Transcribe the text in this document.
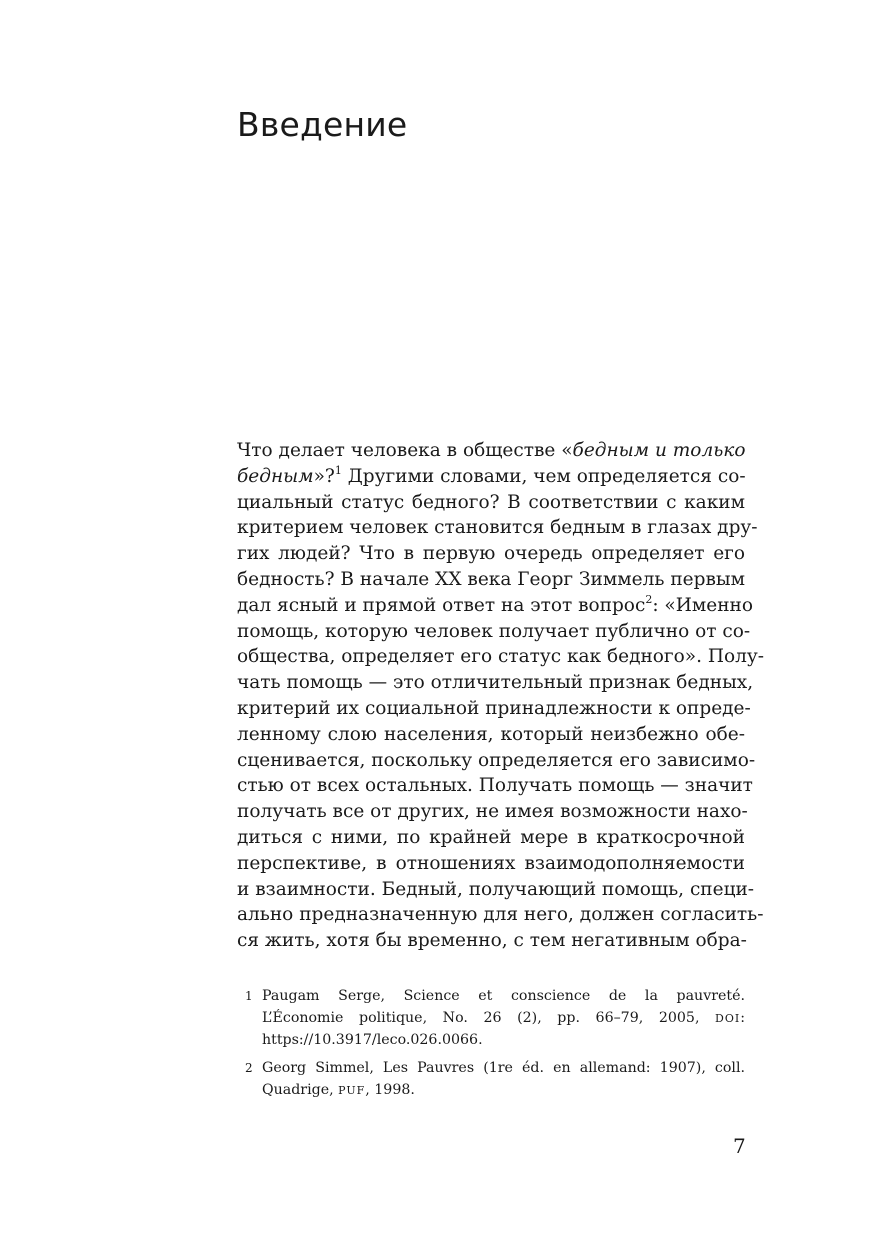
Введение
Что делает человека в обществе «бедным и только
бедным»?$^1$ Другими словами, чем определяется со-
циальный статус бедного? В соответствии с каким
критерием человек становится бедным в глазах дру-
гих людей? Что в первую очередь определяет его
бедность? В начале XX века Георг Зиммель первым
дал ясный и прямой ответ на этот вопрос$^2$: «Именно
помощь, которую человек получает публично от со-
общества, определяет его статус как бедного». Полу-
чать помощь — это отличительный признак бедных,
критерий их социальной принадлежности к опреде-
ленному слою населения, который неизбежно обе-
сценивается, поскольку определяется его зависимо-
стью от всех остальных. Получать помощь — значит
получать все от других, не имея возможности нахо-
диться с ними, по крайней мере в краткосрочной
перспективе, в отношениях взаимодополняемости
и взаимности. Бедный, получающий помощь, специ-
ально предназначенную для него, должен согласить-
ся жить, хотя бы временно, с тем негативным обра-
1 Paugam Serge, Science et conscience de la pauvreté.
L’Économie politique, No. 26 (2), pp. 66–79, 2005, DOI:
https://10.3917/leco.026.0066.
2 Georg Simmel, Les Pauvres (1re éd. en allemand: 1907), coll.
Quadrige, PUF, 1998.
7
